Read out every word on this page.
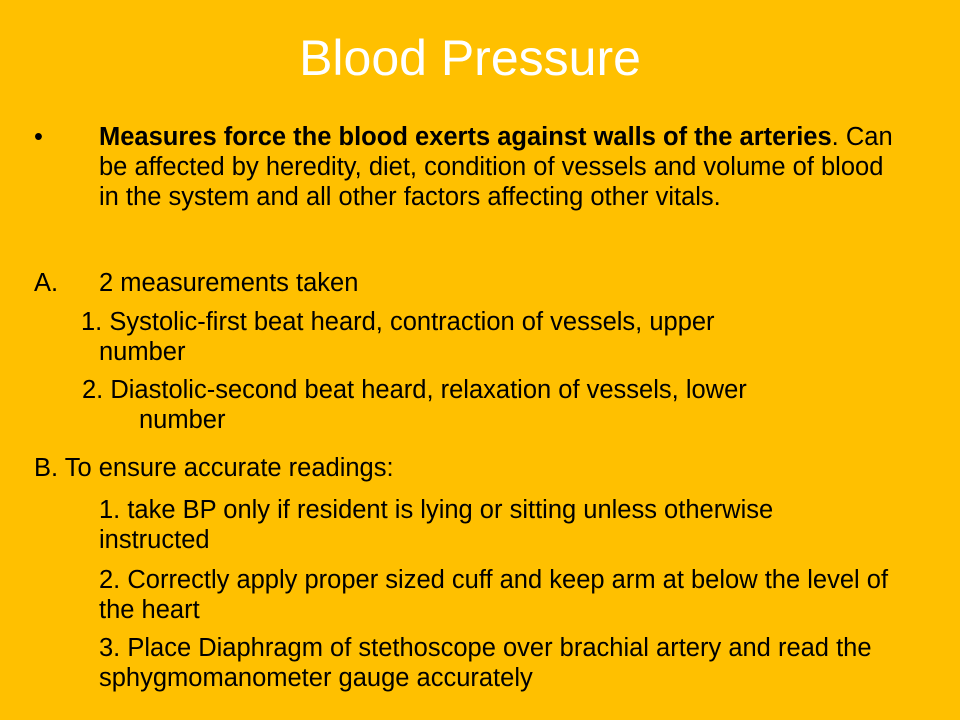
Blood Pressure
• Measures force the blood exerts against walls of the arteries. Can be affected by heredity, diet, condition of vessels and volume of blood in the system and all other factors affecting other vitals.
A. 2 measurements taken
1. Systolic-first beat heard, contraction of vessels, upper
number
2. Diastolic-second beat heard, relaxation of vessels, lower
number
B. To ensure accurate readings:
1. take BP only if resident is lying or sitting unless otherwise instructed
2. Correctly apply proper sized cuff and keep arm at below the level of the heart
3. Place Diaphragm of stethoscope over brachial artery and read the sphygmomanometer gauge accurately
